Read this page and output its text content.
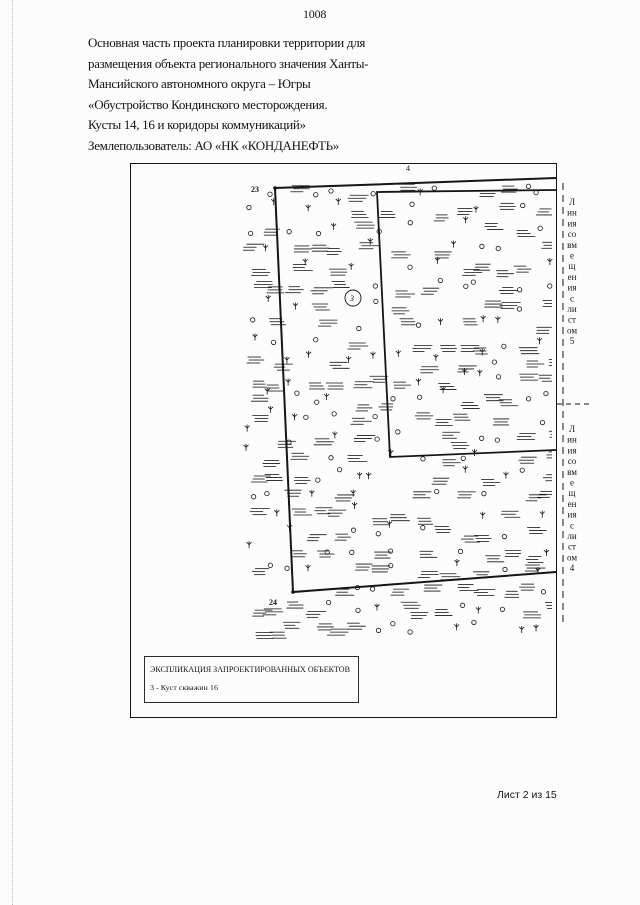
1008
Основная часть проекта планировки территории для
размещения объекта регионального значения Ханты-
Мансийского автономного округа – Югры
«Обустройство Кондинского месторождения.
Кусты 14, 16 и коридоры коммуникаций»
Землепользователь: АО «НК «КОНДАНЕФТЬ»
23
24
4
3
Л
ин
ия
со
вм
е
щ
ен
ия
с
ли
ст
ом
5
Л
ин
ия
со
вм
е
щ
ен
ия
с
ли
ст
ом
4
ЭКСПЛИКАЦИЯ ЗАПРОЕКТИРОВАННЫХ ОБЪЕКТОВ
3 - Куст скважин 16
Лист 2 из 15
